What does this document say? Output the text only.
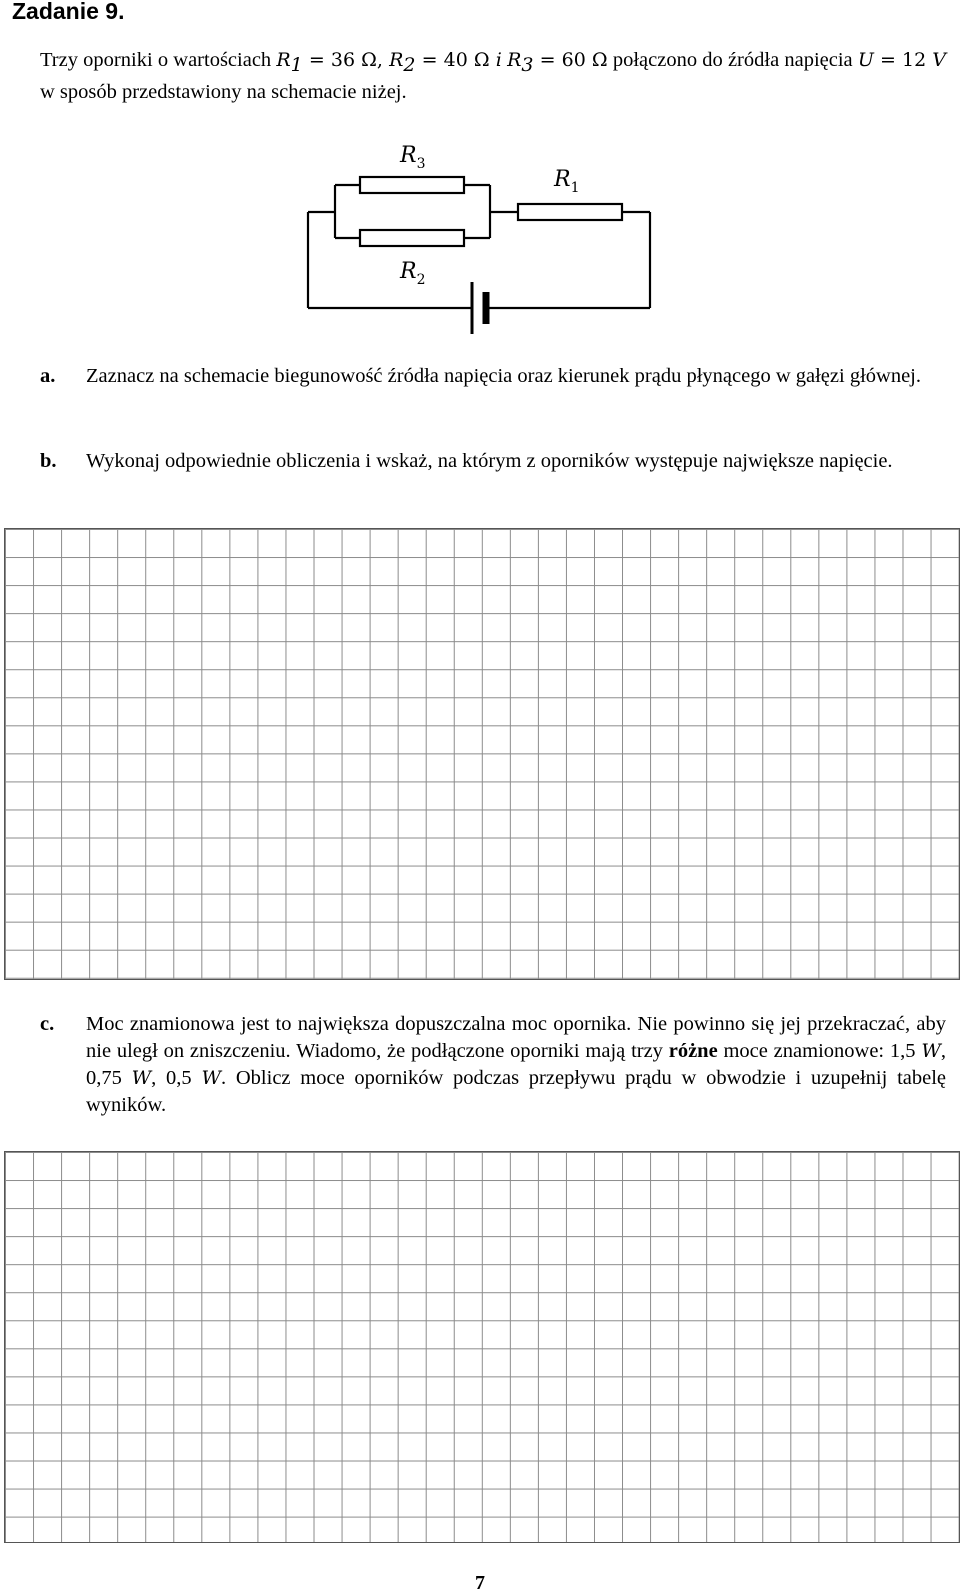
Zadanie 9.
Trzy oporniki o wartościach $R_1 = 36$ Ω, $R_2 = 40$ Ω i $R_3 = 60$ Ω połączono do źródła napięcia U = 12 V w sposób przedstawiony na schemacie niżej.
$R_3$
$R_1$
$R_2$
a.	Zaznacz na schemacie biegunowość źródła napięcia oraz kierunek prądu płynącego w gałęzi głównej.
b.	Wykonaj odpowiednie obliczenia i wskaż, na którym z oporników występuje największe napięcie.
c.	Moc znamionowa jest to największa dopuszczalna moc opornika. Nie powinno się jej przekraczać, aby nie uległ on zniszczeniu. Wiadomo, że podłączone oporniki mają trzy różne moce znamionowe: 1,5 W, 0,75 W, 0,5 W. Oblicz moce oporników podczas przepływu prądu w obwodzie i uzupełnij tabelę wyników.
7
